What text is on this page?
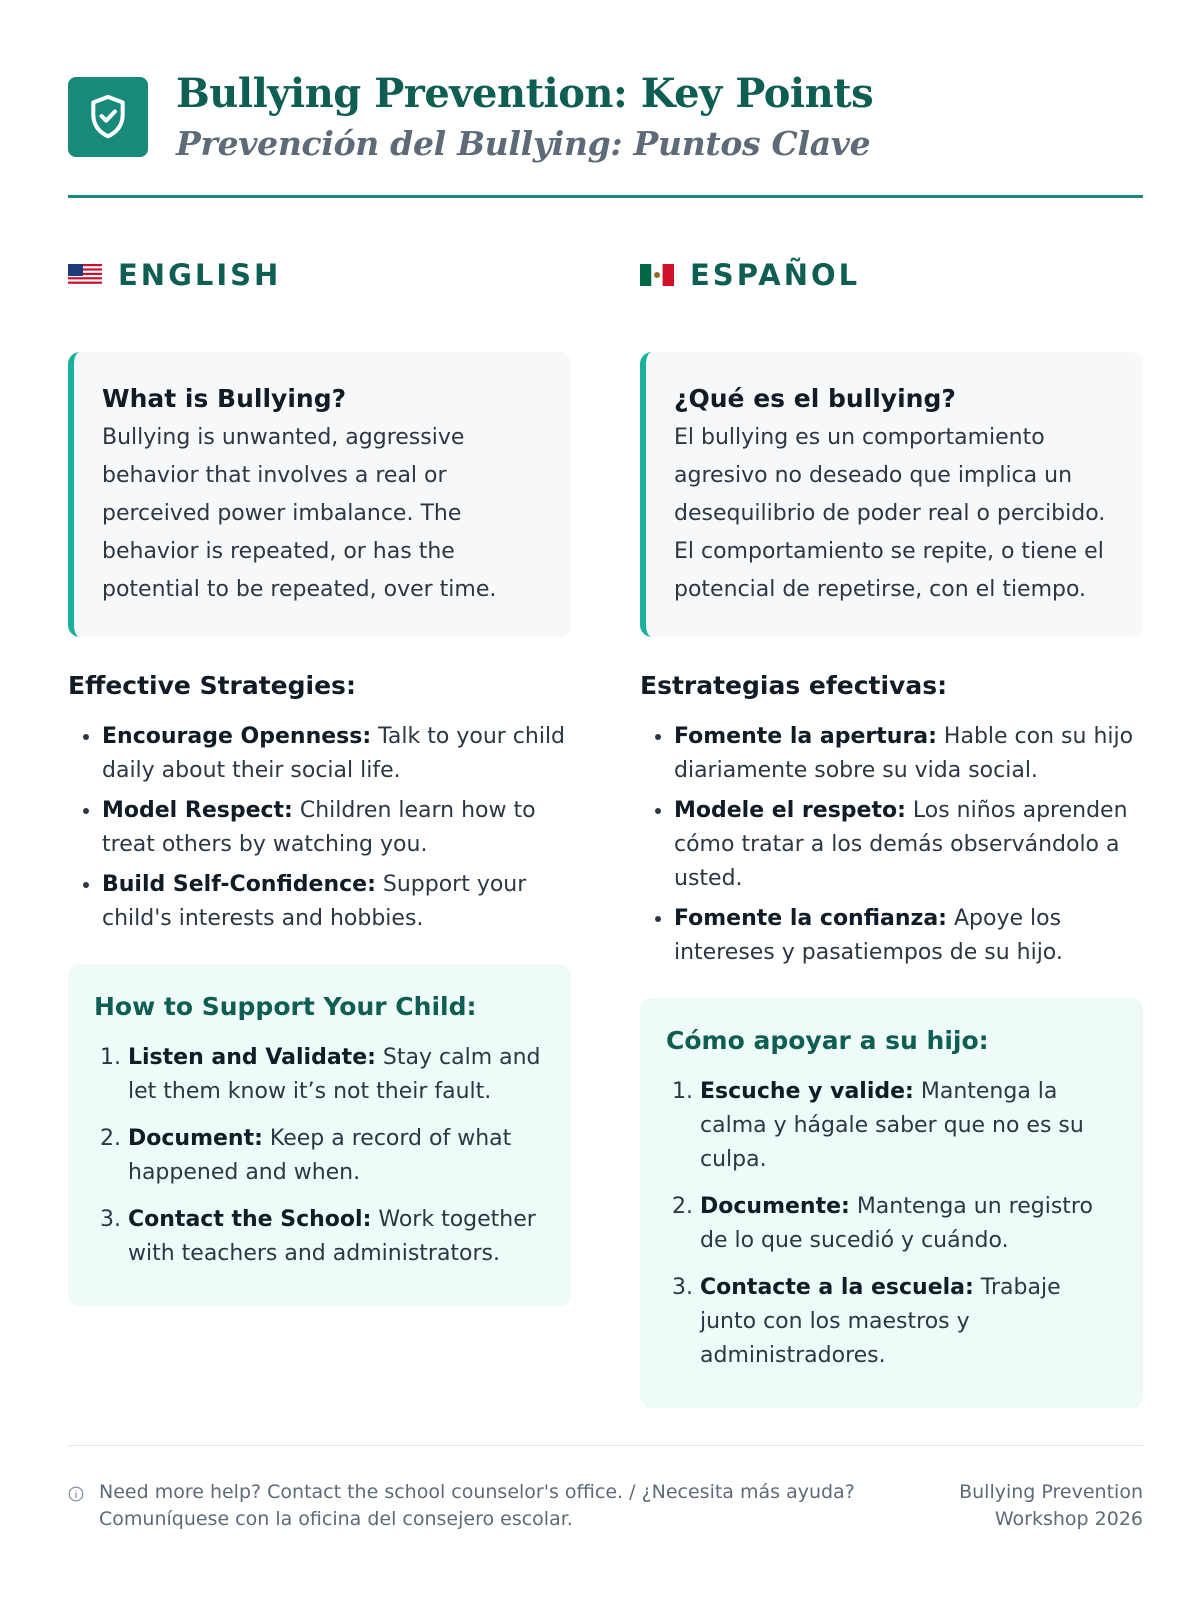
Bullying Prevention: Key Points
Prevención del Bullying: Puntos Clave
ENGLISH
What is Bullying?

Bullying is unwanted, aggressive behavior that involves a real or perceived power imbalance. The behavior is repeated, or has the potential to be repeated, over time.

Effective Strategies:
• Encourage Openness: Talk to your child daily about their social life.
• Model Respect: Children learn how to treat others by watching you.
• Build Self-Confidence: Support your child's interests and hobbies.
How to Support Your Child:
1. Listen and Validate: Stay calm and let them know it’s not their fault.
2. Document: Keep a record of what happened and when.
3. Contact the School: Work together with teachers and administrators.
ESPAÑOL
¿Qué es el bullying?

El bullying es un comportamiento agresivo no deseado que implica un desequilibrio de poder real o percibido. El comportamiento se repite, o tiene el potencial de repetirse, con el tiempo.

Estrategias efectivas:
• Fomente la apertura: Hable con su hijo diariamente sobre su vida social.
• Modele el respeto: Los niños aprenden cómo tratar a los demás observándolo a usted.
• Fomente la confianza: Apoye los intereses y pasatiempos de su hijo.
Cómo apoyar a su hijo:
1. Escuche y valide: Mantenga la calma y hágale saber que no es su culpa.
2. Documente: Mantenga un registro de lo que sucedió y cuándo.
3. Contacte a la escuela: Trabaje junto con los maestros y administradores.
Need more help? Contact the school counselor's office. / ¿Necesita más ayuda? Comuníquese con la oficina del consejero escolar.
Bullying Prevention
Workshop 2026
